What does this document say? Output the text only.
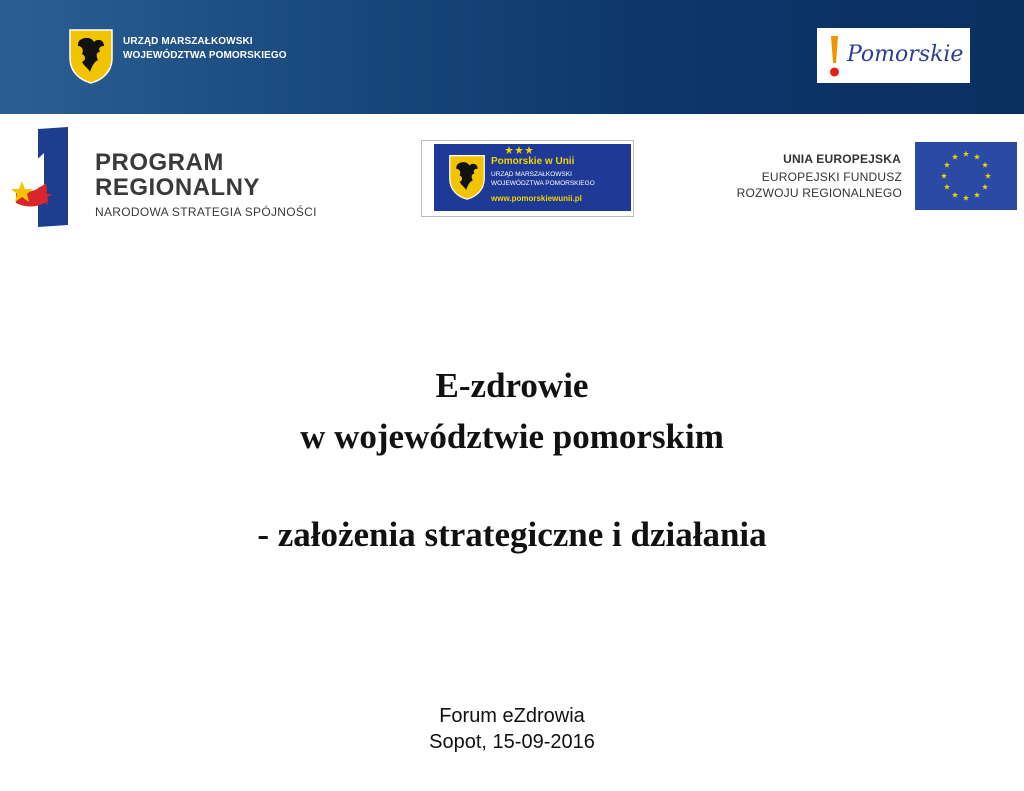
URZĄD MARSZAŁKOWSKI
WOJEWÓDZTWA POMORSKIEGO	Pomorskie
PROGRAM
REGIONALNY
NARODOWA STRATEGIA SPÓJNOŚCI
Pomorskie w Unii
URZĄD MARSZAŁKOWSKI
WOJEWÓDZTWA POMORSKIEGO
www.pomorskiewunii.pl
UNIA EUROPEJSKA
EUROPEJSKI FUNDUSZ
ROZWOJU REGIONALNEGO
E-zdrowie
w województwie pomorskim
- założenia strategiczne i działania
Forum eZdrowia
Sopot, 15-09-2016
